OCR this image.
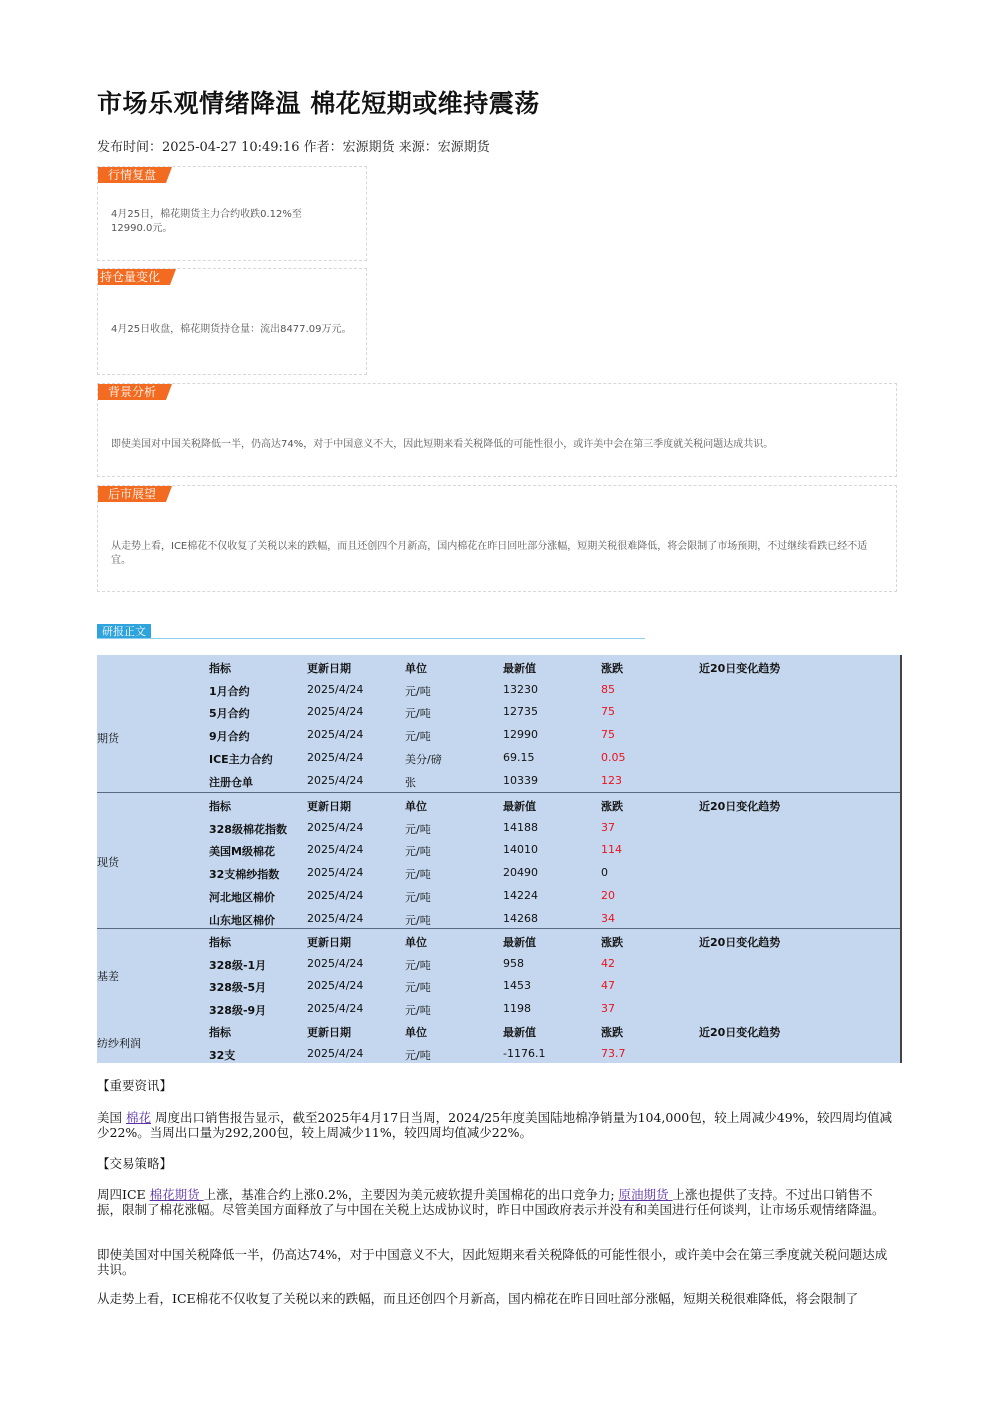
市场乐观情绪降温 棉花短期或维持震荡
发布时间：2025-04-27 10:49:16 作者：宏源期货 来源：宏源期货
行情复盘
4月25日，棉花期货主力合约收跌0.12%至12990.0元。
持仓量变化
4月25日收盘，棉花期货持仓量：流出8477.09万元。
背景分析
即使美国对中国关税降低一半，仍高达74%，对于中国意义不大，因此短期来看关税降低的可能性很小，或许美中会在第三季度就关税问题达成共识。
后市展望
从走势上看，ICE棉花不仅收复了关税以来的跌幅，而且还创四个月新高，国内棉花在昨日回吐部分涨幅，短期关税很难降低，将会限制了市场预期，不过继续看跌已经不适宜。
研报正文
期货
指标	更新日期	单位	最新值	涨跌	近20日变化趋势
1月合约	2025/4/24	元/吨	13230	85
5月合约	2025/4/24	元/吨	12735	75
9月合约	2025/4/24	元/吨	12990	75
ICE主力合约	2025/4/24	美分/磅	69.15	0.05
注册仓单	2025/4/24	张	10339	123
现货
指标	更新日期	单位	最新值	涨跌	近20日变化趋势
328级棉花指数 2025/4/24	元/吨	14188	37
美国M级棉花	2025/4/24	元/吨	14010	114
32支棉纱指数	2025/4/24	元/吨	20490	0
河北地区棉价	2025/4/24	元/吨	14224	20
山东地区棉价	2025/4/24	元/吨	14268	34
基差
指标	更新日期	单位	最新值	涨跌	近20日变化趋势
328级-1月	2025/4/24	元/吨	958	42
328级-5月	2025/4/24	元/吨	1453	47
328级-9月	2025/4/24	元/吨	1198	37
纺纱利润
指标	更新日期	单位	最新值	涨跌	近20日变化趋势
32支	2025/4/24	元/吨	-1176.1	73.7
【重要资讯】
美国 棉花 周度出口销售报告显示，截至2025年4月17日当周，2024/25年度美国陆地棉净销量为104,000包，较上周减少49%，较四周均值减少22%。当周出口量为292,200包，较上周减少11%，较四周均值减少22%。
【交易策略】
周四ICE 棉花期货 上涨，基准合约上涨0.2%，主要因为美元疲软提升美国棉花的出口竞争力; 原油期货 上涨也提供了支持。不过出口销售不振，限制了棉花涨幅。尽管美国方面释放了与中国在关税上达成协议时，昨日中国政府表示并没有和美国进行任何谈判，让市场乐观情绪降温。
即使美国对中国关税降低一半，仍高达74%，对于中国意义不大，因此短期来看关税降低的可能性很小，或许美中会在第三季度就关税问题达成共识。
从走势上看，ICE棉花不仅收复了关税以来的跌幅，而且还创四个月新高，国内棉花在昨日回吐部分涨幅，短期关税很难降低，将会限制了
